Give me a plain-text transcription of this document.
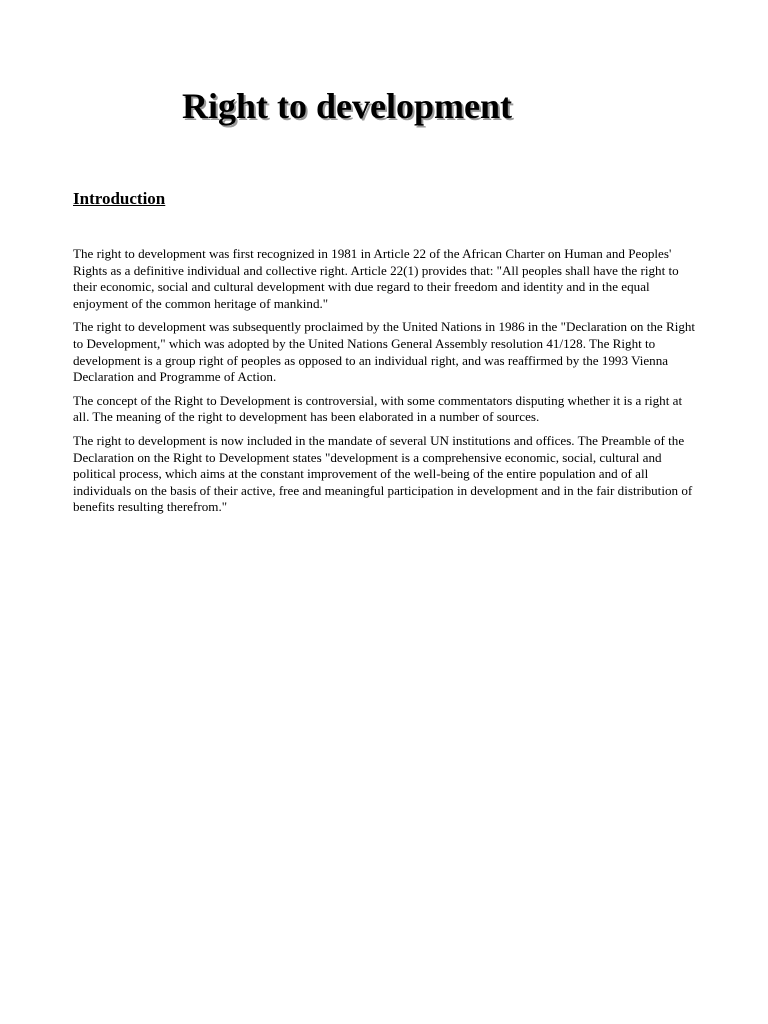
Right to development
Introduction

The right to development was first recognized in 1981 in Article 22 of the African Charter on Human and Peoples' Rights as a definitive individual and collective right. Article 22(1) provides that: "All peoples shall have the right to their economic, social and cultural development with due regard to their freedom and identity and in the equal enjoyment of the common heritage of mankind."

The right to development was subsequently proclaimed by the United Nations in 1986 in the "Declaration on the Right to Development," which was adopted by the United Nations General Assembly resolution 41/128. The Right to development is a group right of peoples as opposed to an individual right, and was reaffirmed by the 1993 Vienna Declaration and Programme of Action.

The concept of the Right to Development is controversial, with some commentators disputing whether it is a right at all. The meaning of the right to development has been elaborated in a number of sources.

The right to development is now included in the mandate of several UN institutions and offices. The Preamble of the Declaration on the Right to Development states "development is a comprehensive economic, social, cultural and political process, which aims at the constant improvement of the well-being of the entire population and of all individuals on the basis of their active, free and meaningful participation in development and in the fair distribution of benefits resulting therefrom."
